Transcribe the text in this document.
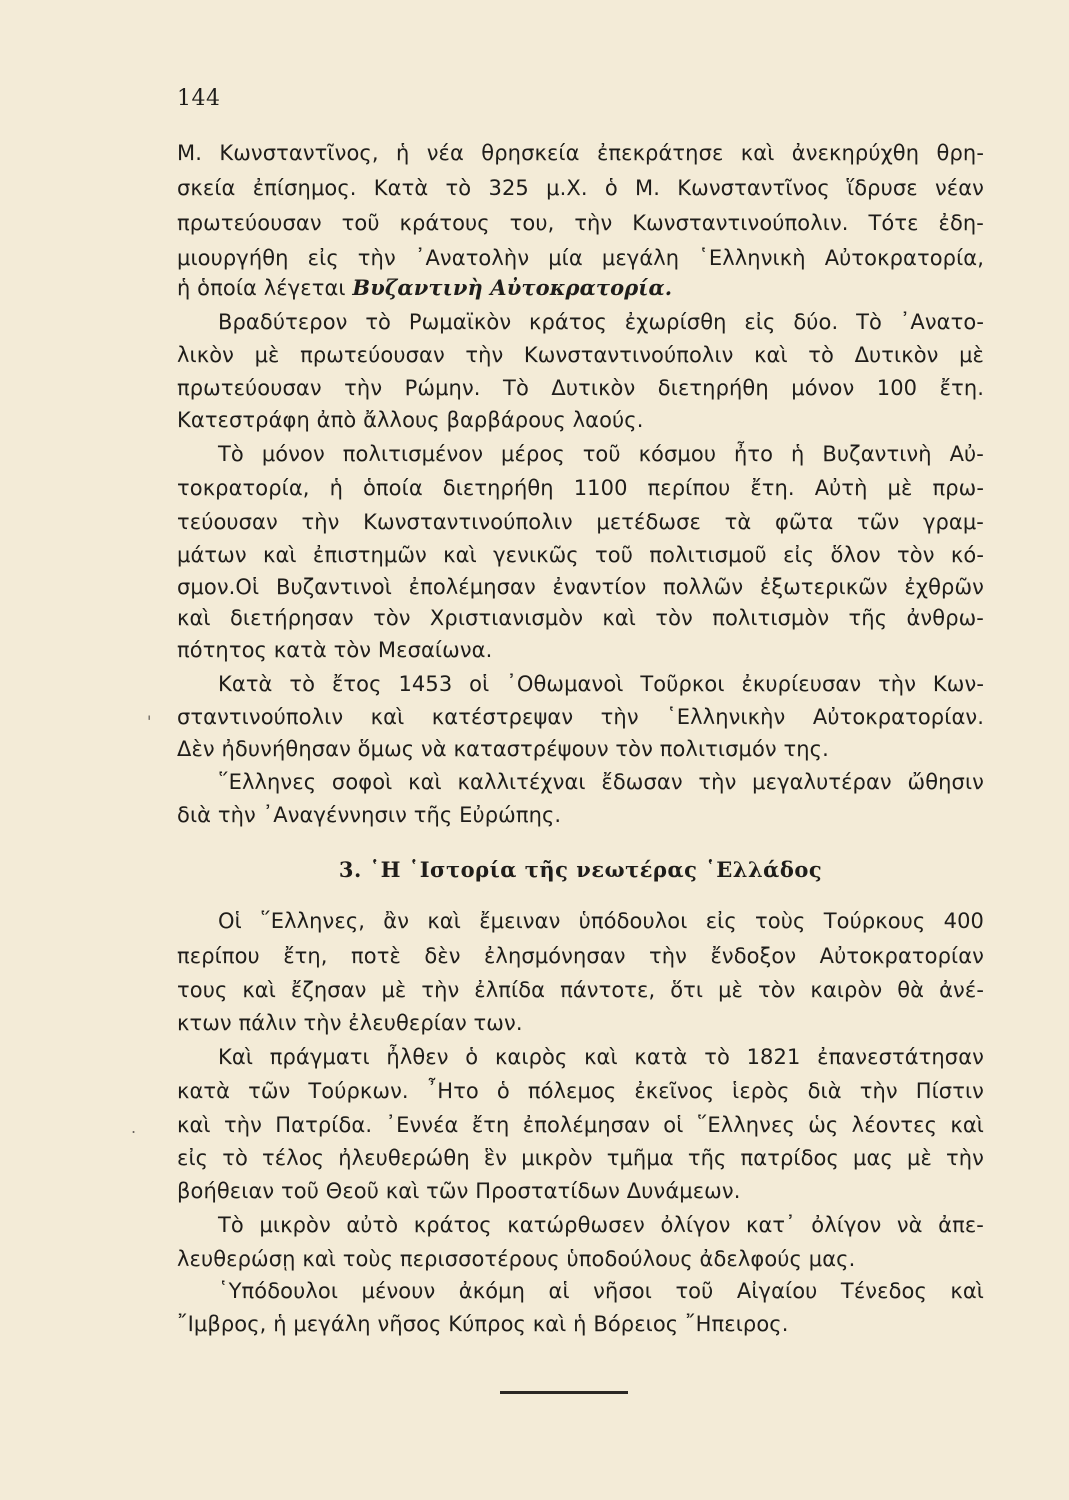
144
Μ. Κωνσταντῖνος, ἡ νέα θρησκεία ἐπεκράτησε καὶ ἀνεκηρύχθη θρη-
σκεία ἐπίσημος. Κατὰ τὸ 325 μ.Χ. ὁ Μ. Κωνσταντῖνος ἵδρυσε νέαν
πρωτεύουσαν τοῦ κράτους του, τὴν Κωνσταντινούπολιν. Τότε ἐδη-
μιουργήθη εἰς τὴν ᾿Ανατολὴν μία μεγάλη ῾Ελληνικὴ Αὐτοκρατορία,
ἡ ὁποία λέγεται Βυζαντινὴ Αὐτοκρατορία.
Βραδύτερον τὸ Ρωμαϊκὸν κράτος ἐχωρίσθη εἰς δύο. Τὸ ᾿Ανατο-
λικὸν μὲ πρωτεύουσαν τὴν Κωνσταντινούπολιν καὶ τὸ Δυτικὸν μὲ
πρωτεύουσαν τὴν Ρώμην. Τὸ Δυτικὸν διετηρήθη μόνον 100 ἔτη.
Κατεστράφη ἀπὸ ἄλλους βαρβάρους λαούς.
Τὸ μόνον πολιτισμένον μέρος τοῦ κόσμου ἦτο ἡ Βυζαντινὴ Αὐ-
τοκρατορία, ἡ ὁποία διετηρήθη 1100 περίπου ἔτη. Αὐτὴ μὲ πρω-
τεύουσαν τὴν Κωνσταντινούπολιν μετέδωσε τὰ φῶτα τῶν γραμ-
μάτων καὶ ἐπιστημῶν καὶ γενικῶς τοῦ πολιτισμοῦ εἰς ὅλον τὸν κό-
σμον.Οἱ Βυζαντινοὶ ἐπολέμησαν ἐναντίον πολλῶν ἐξωτερικῶν ἐχθρῶν
καὶ διετήρησαν τὸν Χριστιανισμὸν καὶ τὸν πολιτισμὸν τῆς ἀνθρω-
πότητος κατὰ τὸν Μεσαίωνα.
Κατὰ τὸ ἔτος 1453 οἱ ᾿Οθωμανοὶ Τοῦρκοι ἐκυρίευσαν τὴν Κων-
σταντινούπολιν καὶ κατέστρεψαν τὴν ῾Ελληνικὴν Αὐτοκρατορίαν.
Δὲν ἠδυνήθησαν ὅμως νὰ καταστρέψουν τὸν πολιτισμόν της.
῞Ελληνες σοφοὶ καὶ καλλιτέχναι ἔδωσαν τὴν μεγαλυτέραν ὤθησιν
διὰ τὴν ᾿Αναγέννησιν τῆς Εὐρώπης.
3. ῾Η ῾Ιστορία τῆς νεωτέρας ῾Ελλάδος
Οἱ ῞Ελληνες, ἂν καὶ ἔμειναν ὑπόδουλοι εἰς τοὺς Τούρκους 400
περίπου ἔτη, ποτὲ δὲν ἐλησμόνησαν τὴν ἔνδοξον Αὐτοκρατορίαν
τους καὶ ἔζησαν μὲ τὴν ἐλπίδα πάντοτε, ὅτι μὲ τὸν καιρὸν θὰ ἀνέ-
κτων πάλιν τὴν ἐλευθερίαν των.
Καὶ πράγματι ἦλθεν ὁ καιρὸς καὶ κατὰ τὸ 1821 ἐπανεστάτησαν
κατὰ τῶν Τούρκων. ῏Ητο ὁ πόλεμος ἐκεῖνος ἱερὸς διὰ τὴν Πίστιν
καὶ τὴν Πατρίδα. ᾿Εννέα ἔτη ἐπολέμησαν οἱ ῞Ελληνες ὡς λέοντες καὶ
εἰς τὸ τέλος ἠλευθερώθη ἓν μικρὸν τμῆμα τῆς πατρίδος μας μὲ τὴν
βοήθειαν τοῦ Θεοῦ καὶ τῶν Προστατίδων Δυνάμεων.
Τὸ μικρὸν αὐτὸ κράτος κατώρθωσεν ὀλίγον κατ᾿ ὀλίγον νὰ ἀπε-
λευθερώσῃ καὶ τοὺς περισσοτέρους ὑποδούλους ἀδελφούς μας.
῾Υπόδουλοι μένουν ἀκόμη αἱ νῆσοι τοῦ Αἰγαίου Τένεδος καὶ
῎Ιμβρος, ἡ μεγάλη νῆσος Κύπρος καὶ ἡ Βόρειος ῎Ηπειρος.
'
.
